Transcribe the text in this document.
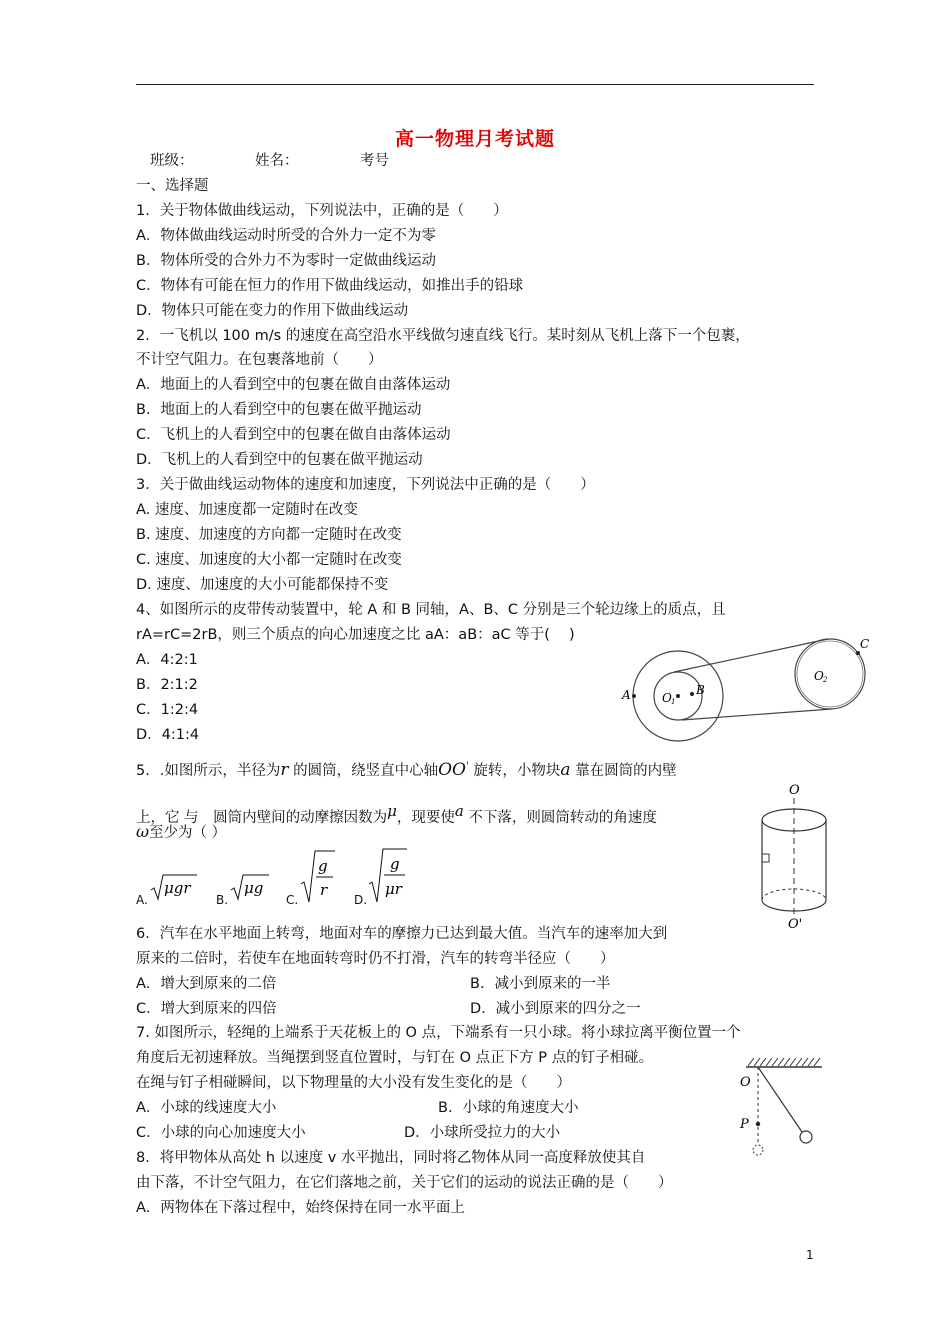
高一物理月考试题
班级：	姓名：	考号
一、选择题
1．关于物体做曲线运动，下列说法中，正确的是（　　）
A．物体做曲线运动时所受的合外力一定不为零
B．物体所受的合外力不为零时一定做曲线运动
C．物体有可能在恒力的作用下做曲线运动，如推出手的铅球
D．物体只可能在变力的作用下做曲线运动
2．一飞机以 100 m/s 的速度在高空沿水平线做匀速直线飞行。某时刻从飞机上落下一个包裹，
不计空气阻力。在包裹落地前（　　）
A．地面上的人看到空中的包裹在做自由落体运动
B．地面上的人看到空中的包裹在做平抛运动
C．飞机上的人看到空中的包裹在做自由落体运动
D．飞机上的人看到空中的包裹在做平抛运动
3．关于做曲线运动物体的速度和加速度，下列说法中正确的是（　　）
A. 速度、加速度都一定随时在改变
B. 速度、加速度的方向都一定随时在改变
C. 速度、加速度的大小都一定随时在改变
D. 速度、加速度的大小可能都保持不变
4、如图所示的皮带传动装置中，轮 A 和 B 同轴，A、B、C 分别是三个轮边缘上的质点，且
rA=rC=2rB，则三个质点的向心加速度之比 aA：aB：aC 等于(　 )
A．4:2:1
B．2:1:2
C．1:2:4
D．4:1:4
A	B
C
O 1
O 2
5．.如图所示，半径为r 的圆筒，绕竖直中心轴OO' 旋转，小物块a 靠在圆筒的内壁
上，它 与　圆筒内壁间的动摩擦因数为$^\mu$，现要使$^a$ 不下落，则圆筒转动的角速度
ω至少为（ ）
A.
μgr
B.
μg
C.
g
r
D.
g
μr
O
O'
6．汽车在水平地面上转弯，地面对车的摩擦力已达到最大值。当汽车的速率加大到
原来的二倍时，若使车在地面转弯时仍不打滑，汽车的转弯半径应（　　）
A．增大到原来的二倍	B．减小到原来的一半
C．增大到原来的四倍	D．减小到原来的四分之一
7. 如图所示，轻绳的上端系于天花板上的 O 点，下端系有一只小球。将小球拉离平衡位置一个
角度后无初速释放。当绳摆到竖直位置时，与钉在 O 点正下方 P 点的钉子相碰。
在绳与钉子相碰瞬间，以下物理量的大小没有发生变化的是（　　）
A．小球的线速度大小	B．小球的角速度大小
C．小球的向心加速度大小	D．小球所受拉力的大小
O
P
8．将甲物体从高处 h 以速度 v 水平抛出，同时将乙物体从同一高度释放使其自
由下落，不计空气阻力，在它们落地之前，关于它们的运动的说法正确的是（　　）
A．两物体在下落过程中，始终保持在同一水平面上
1
